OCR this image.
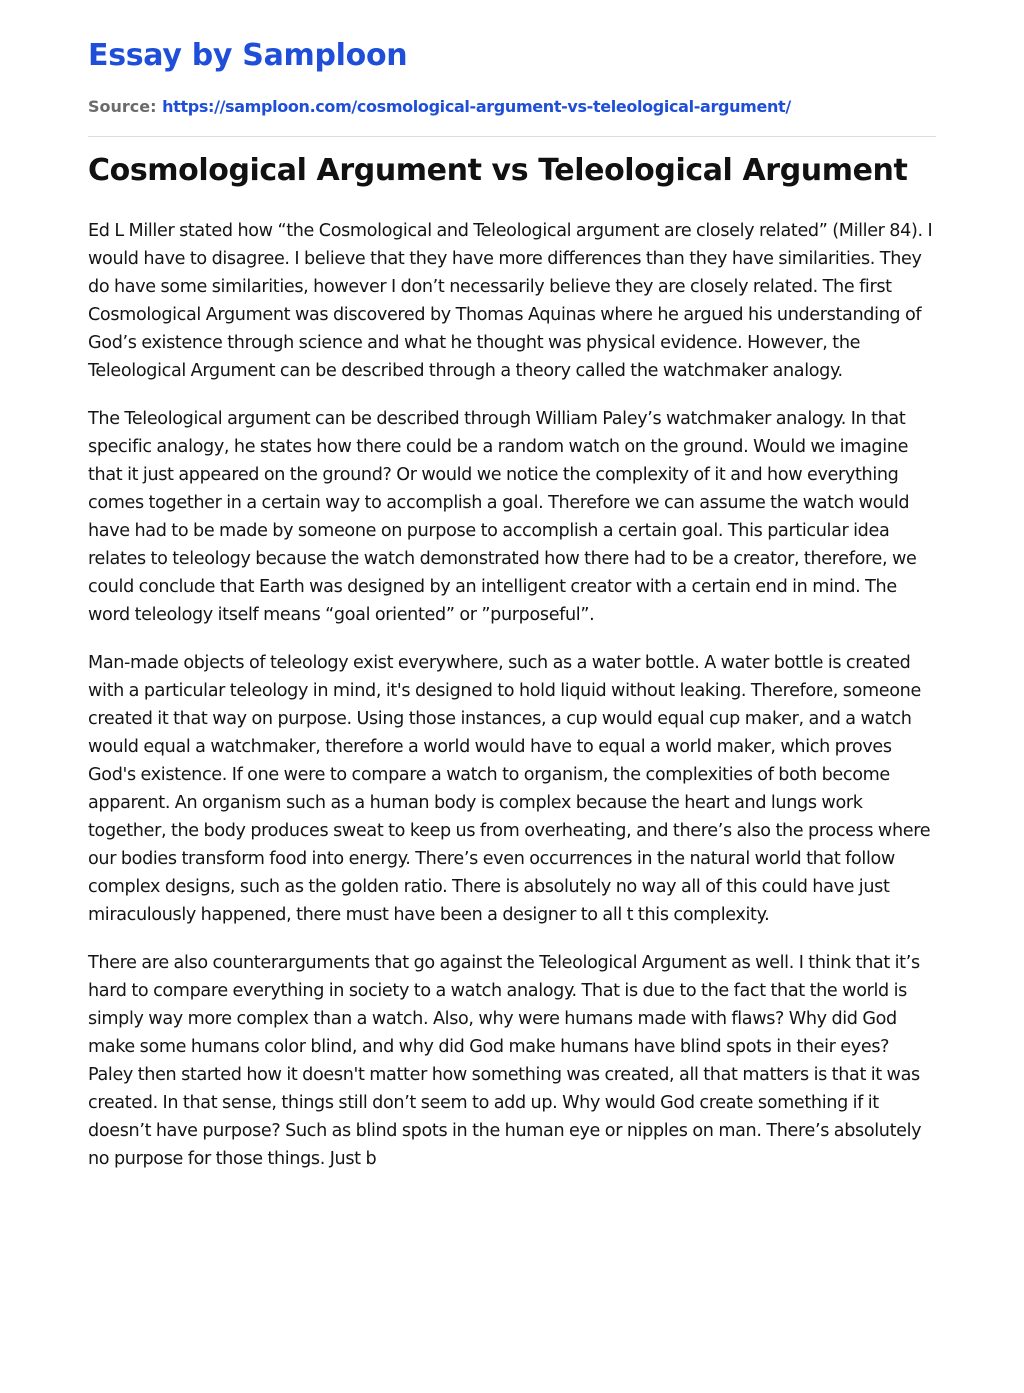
Essay by Samploon
Source: https://samploon.com/cosmological-argument-vs-teleological-argument/
Cosmological Argument vs Teleological Argument

Ed L Miller stated how “the Cosmological and Teleological argument are closely related” (Miller 84). I would have to disagree. I believe that they have more differences than they have similarities. They do have some similarities, however I don’t necessarily believe they are closely related. The first Cosmological Argument was discovered by Thomas Aquinas where he argued his understanding of God’s existence through science and what he thought was physical evidence. However, the Teleological Argument can be described through a theory called the watchmaker analogy.

The Teleological argument can be described through William Paley’s watchmaker analogy. In that specific analogy, he states how there could be a random watch on the ground. Would we imagine that it just appeared on the ground? Or would we notice the complexity of it and how everything comes together in a certain way to accomplish a goal. Therefore we can assume the watch would have had to be made by someone on purpose to accomplish a certain goal. This particular idea relates to teleology because the watch demonstrated how there had to be a creator, therefore, we could conclude that Earth was designed by an intelligent creator with a certain end in mind. The word teleology itself means “goal oriented” or ”purposeful”.

Man-made objects of teleology exist everywhere, such as a water bottle. A water bottle is created with a particular teleology in mind, it's designed to hold liquid without leaking. Therefore, someone created it that way on purpose. Using those instances, a cup would equal cup maker, and a watch would equal a watchmaker, therefore a world would have to equal a world maker, which proves God's existence. If one were to compare a watch to organism, the complexities of both become apparent. An organism such as a human body is complex because the heart and lungs work together, the body produces sweat to keep us from overheating, and there’s also the process where our bodies transform food into energy. There’s even occurrences in the natural world that follow complex designs, such as the golden ratio. There is absolutely no way all of this could have just miraculously happened, there must have been a designer to all t this complexity.

There are also counterarguments that go against the Teleological Argument as well. I think that it’s hard to compare everything in society to a watch analogy. That is due to the fact that the world is simply way more complex than a watch. Also, why were humans made with flaws? Why did God make some humans color blind, and why did God make humans have blind spots in their eyes? Paley then started how it doesn't matter how something was created, all that matters is that it was created. In that sense, things still don’t seem to add up. Why would God create something if it doesn’t have purpose? Such as blind spots in the human eye or nipples on man. There’s absolutely no purpose for those things. Just b
